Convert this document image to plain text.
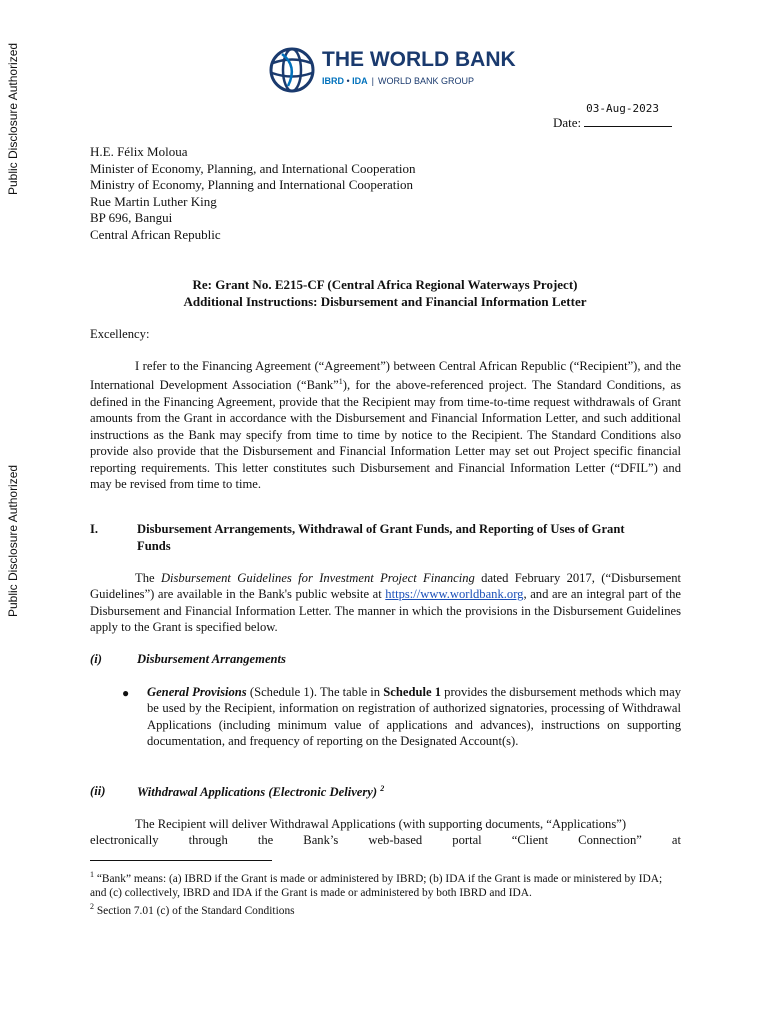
Public Disclosure Authorized
Public Disclosure Authorized
THE WORLD BANK
IBRD • IDA | WORLD BANK GROUP
Date:
03-Aug-2023
H.E. Félix Moloua
Minister of Economy, Planning, and International Cooperation
Ministry of Economy, Planning and International Cooperation
Rue Martin Luther King
BP 696, Bangui
Central African Republic
Re: Grant No. E215-CF (Central Africa Regional Waterways Project)
Additional Instructions: Disbursement and Financial Information Letter
Excellency:
I refer to the Financing Agreement (“Agreement”) between Central African Republic (“Recipient”), and the International Development Association (“Bank”$^1$), for the above-referenced project. The Standard Conditions, as defined in the Financing Agreement, provide that the Recipient may from time-to-time request withdrawals of Grant amounts from the Grant in accordance with the Disbursement and Financial Information Letter, and such additional instructions as the Bank may specify from time to time by notice to the Recipient. The Standard Conditions also provide also provide that the Disbursement and Financial Information Letter may set out Project specific financial reporting requirements. This letter constitutes such Disbursement and Financial Information Letter (“DFIL”) and may be revised from time to time.
I.	Disbursement Arrangements, Withdrawal of Grant Funds, and Reporting of Uses of Grant
Funds
The Disbursement Guidelines for Investment Project Financing dated February 2017, (“Disbursement Guidelines”) are available in the Bank's public website at https://www.worldbank.org, and are an integral part of the Disbursement and Financial Information Letter. The manner in which the provisions in the Disbursement Guidelines apply to the Grant is specified below.
(i)	Disbursement Arrangements
● General Provisions (Schedule 1). The table in Schedule 1 provides the disbursement methods which may be used by the Recipient, information on registration of authorized signatories, processing of Withdrawal Applications (including minimum value of applications and advances), instructions on supporting documentation, and frequency of reporting on the Designated Account(s).
(ii)	Withdrawal Applications (Electronic Delivery) $^2$
The Recipient will deliver Withdrawal Applications (with supporting documents, “Applications”)
electronically through the Bank’s web-based portal “Client Connection” at
$^1$ “Bank” means: (a) IBRD if the Grant is made or administered by IBRD; (b) IDA if the Grant is made or ministered by IDA; and (c) collectively, IBRD and IDA if the Grant is made or administered by both IBRD and IDA.
$^2$ Section 7.01 (c) of the Standard Conditions
